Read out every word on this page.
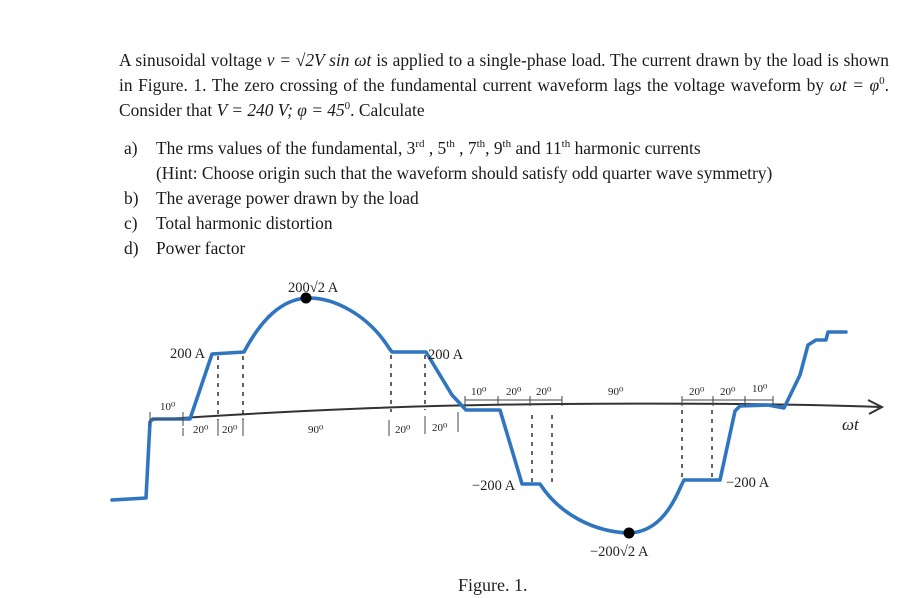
A sinusoidal voltage v = √2V sin ωt is applied to a single-phase load. The current drawn by the load is shown in Figure. 1. The zero crossing of the fundamental current waveform lags the voltage waveform by $\omega t = \varphi^0$. Consider that V = 240 V; $\varphi = 45^0$. Calculate
a)	The rms values of the fundamental, 3rd , 5th , 7th, 9th and 11th harmonic currents
(Hint: Choose origin such that the waveform should satisfy odd quarter wave symmetry)
b)	The average power drawn by the load
c)	Total harmonic distortion
d)	Power factor
200√2 A
200 A	200 A
−200 A	−200 A
−200√2 A
10⁰
20⁰ 20⁰	90⁰	20⁰ 20⁰
10⁰ 20⁰ 20⁰	90⁰	20⁰ 20⁰ 10⁰
ωt
Figure. 1.
